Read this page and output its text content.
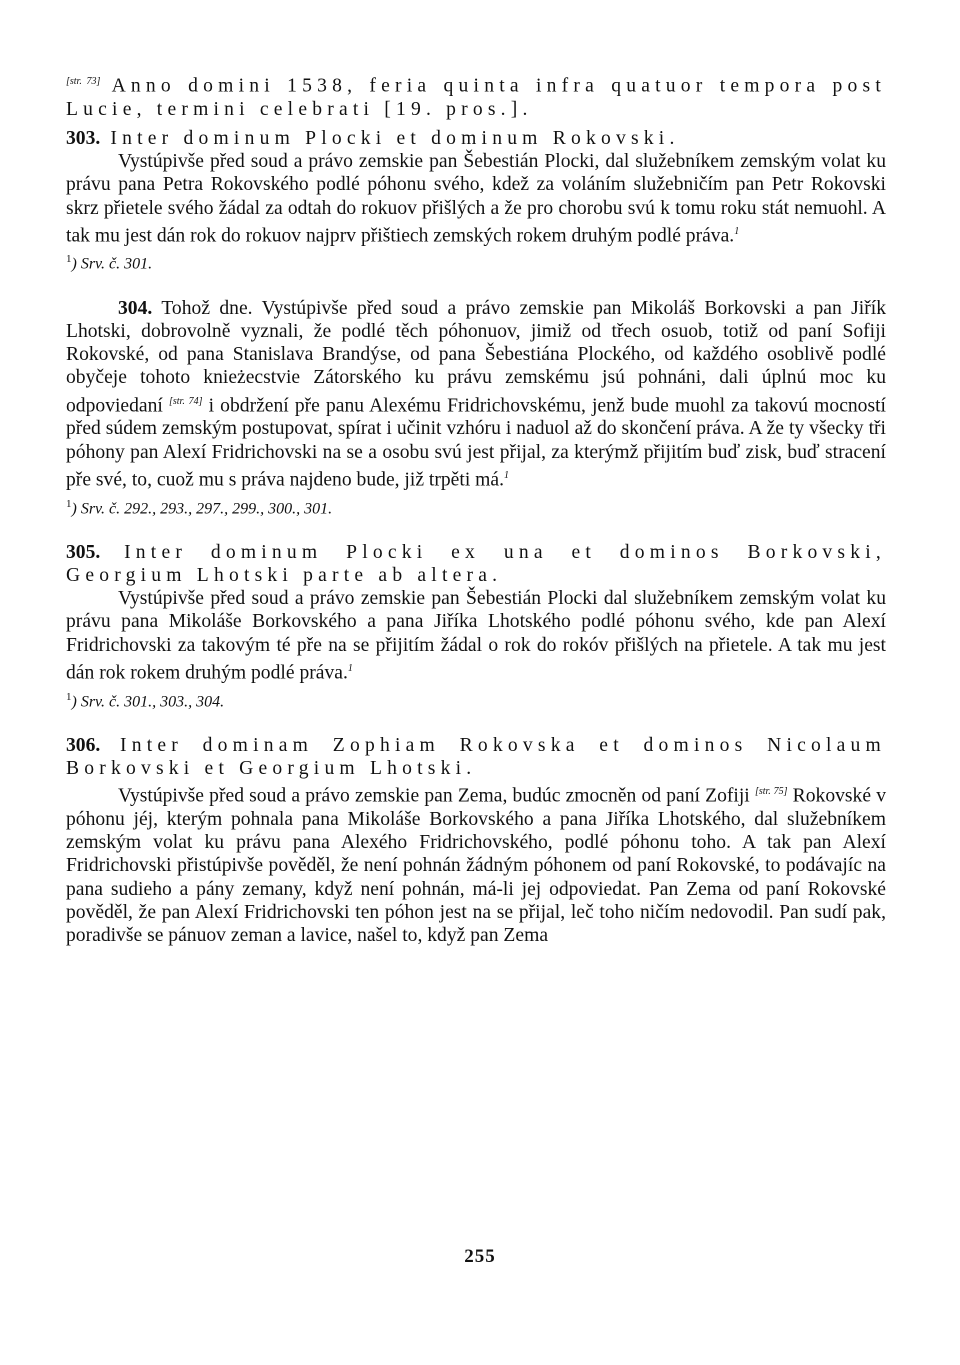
[str. 73] Anno domini 1538, feria quinta infra quatuor tempora post Lucie, termini celebrati [19. pros.].

303. Inter dominum Plocki et dominum Rokovski.

Vystúpivše před soud a právo zemskie pan Šebestián Plocki, dal služebníkem zemským volat ku právu pana Petra Rokovského podlé póhonu svého, kdež za voláním služebničím pan Petr Rokovski skrz přietele svého žádal za odtah do rokuov přišlých a že pro chorobu svú k tomu roku stát nemuohl. A tak mu jest dán rok do rokuov najprv přištiech zemských rokem druhým podlé práva.$^1$

$^1$) Srv. č. 301.

304. Tohož dne. Vystúpivše před soud a právo zemskie pan Mikoláš Borkovski a pan Jiřík Lhotski, dobrovolně vyznali, že podlé těch póhonuov, jimiž od třech osuob, totiž od paní Sofiji Rokovské, od pana Stanislava Brandýse, od pana Šebestiána Plockého, od každého osoblivě podlé obyčeje tohoto knieżecstvie Zátorského ku právu zemskému jsú pohnáni, dali úplnú moc ku odpoviedaní [str. 74] i obdržení pře panu Alexému Fridrichovskému, jenž bude muohl za takovú mocností před súdem zemským postupovat, spírat i učinit vzhóru i naduol až do skončení práva. A že ty všecky tři póhony pan Alexí Fridrichovski na se a osobu svú jest přijal, za kterýmž přijitím buď zisk, buď stracení pře své, to, cuož mu s práva najdeno bude, již trpěti má.$^1$

$^1$) Srv. č. 292., 293., 297., 299., 300., 301.

305. Inter dominum Plocki ex una et dominos Borkovski, Georgium Lhotski parte ab altera.

Vystúpivše před soud a právo zemskie pan Šebestián Plocki dal služebníkem zemským volat ku právu pana Mikoláše Borkovského a pana Jiříka Lhotského podlé póhonu svého, kde pan Alexí Fridrichovski za takovým té pře na se přijitím žádal o rok do rokóv přišlých na přietele. A tak mu jest dán rok rokem druhým podlé práva.$^1$

$^1$) Srv. č. 301., 303., 304.

306. Inter dominam Zophiam Rokovska et dominos Nicolaum Borkovski et Georgium Lhotski.

Vystúpivše před soud a právo zemskie pan Zema, budúc zmocněn od paní Zofiji [str. 75] Rokovské v póhonu jéj, kterým pohnala pana Mikoláše Borkovského a pana Jiříka Lhotského, dal služebníkem zemským volat ku právu pana Alexého Fridrichovského, podlé póhonu toho. A tak pan Alexí Fridrichovski přistúpivše pověděl, že není pohnán žádným póhonem od paní Rokovské, to podávajíc na pana sudieho a pány zemany, když není pohnán, má-li jej odpoviedat. Pan Zema od paní Rokovské pověděl, že pan Alexí Fridrichovski ten póhon jest na se přijal, leč toho ničím nedovodil. Pan sudí pak, poradivše se pánuov zeman a lavice, našel to, když pan Zema

255
